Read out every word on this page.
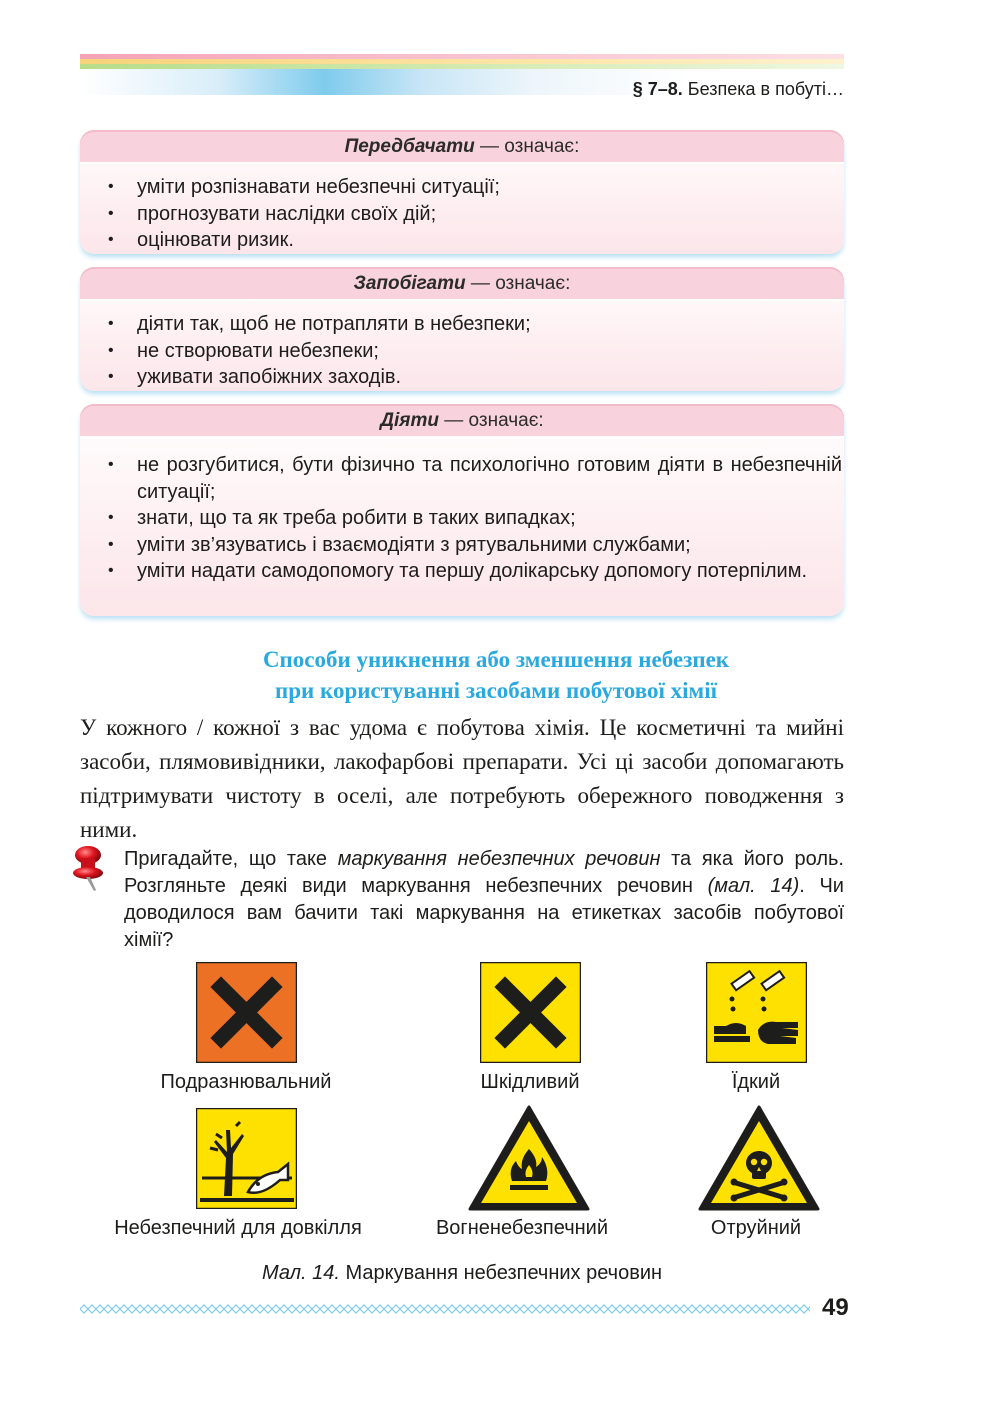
§ 7–8. Безпека в побуті…
Передбачати — означає:
• уміти розпізнавати небезпечні ситуації;
• прогнозувати наслідки своїх дій;
• оцінювати ризик.
Запобігати — означає:
• діяти так, щоб не потрапляти в небезпеки;
• не створювати небезпеки;
• уживати запобіжних заходів.
Діяти — означає:
• не розгубитися, бути фізично та психологічно готовим діяти в небезпечній ситуації;
• знати, що та як треба робити в таких випадках;
• уміти зв’язуватись і взаємодіяти з рятувальними службами;
• уміти надати самодопомогу та першу долікарську допомогу потерпілим.
Способи уникнення або зменшення небезпек
при користуванні засобами побутової хімії
У кожного / кожної з вас удома є побутова хімія. Це косметичні та мийні засоби, плямовивідники, лакофарбові препарати. Усі ці засоби допомагають підтримувати чистоту в оселі, але потребують обережного поводження з ними.
Пригадайте, що таке маркування небезпечних речовин та яка його роль. Розгляньте деякі види маркування небезпечних речовин (мал. 14). Чи доводилося вам бачити такі маркування на етикетках засобів побутової хімії?
Подразнювальний	Шкідливий	Їдкий
Небезпечний для довкілля	Вогненебезпечний	Отруйний
Мал. 14. Маркування небезпечних речовин
49
